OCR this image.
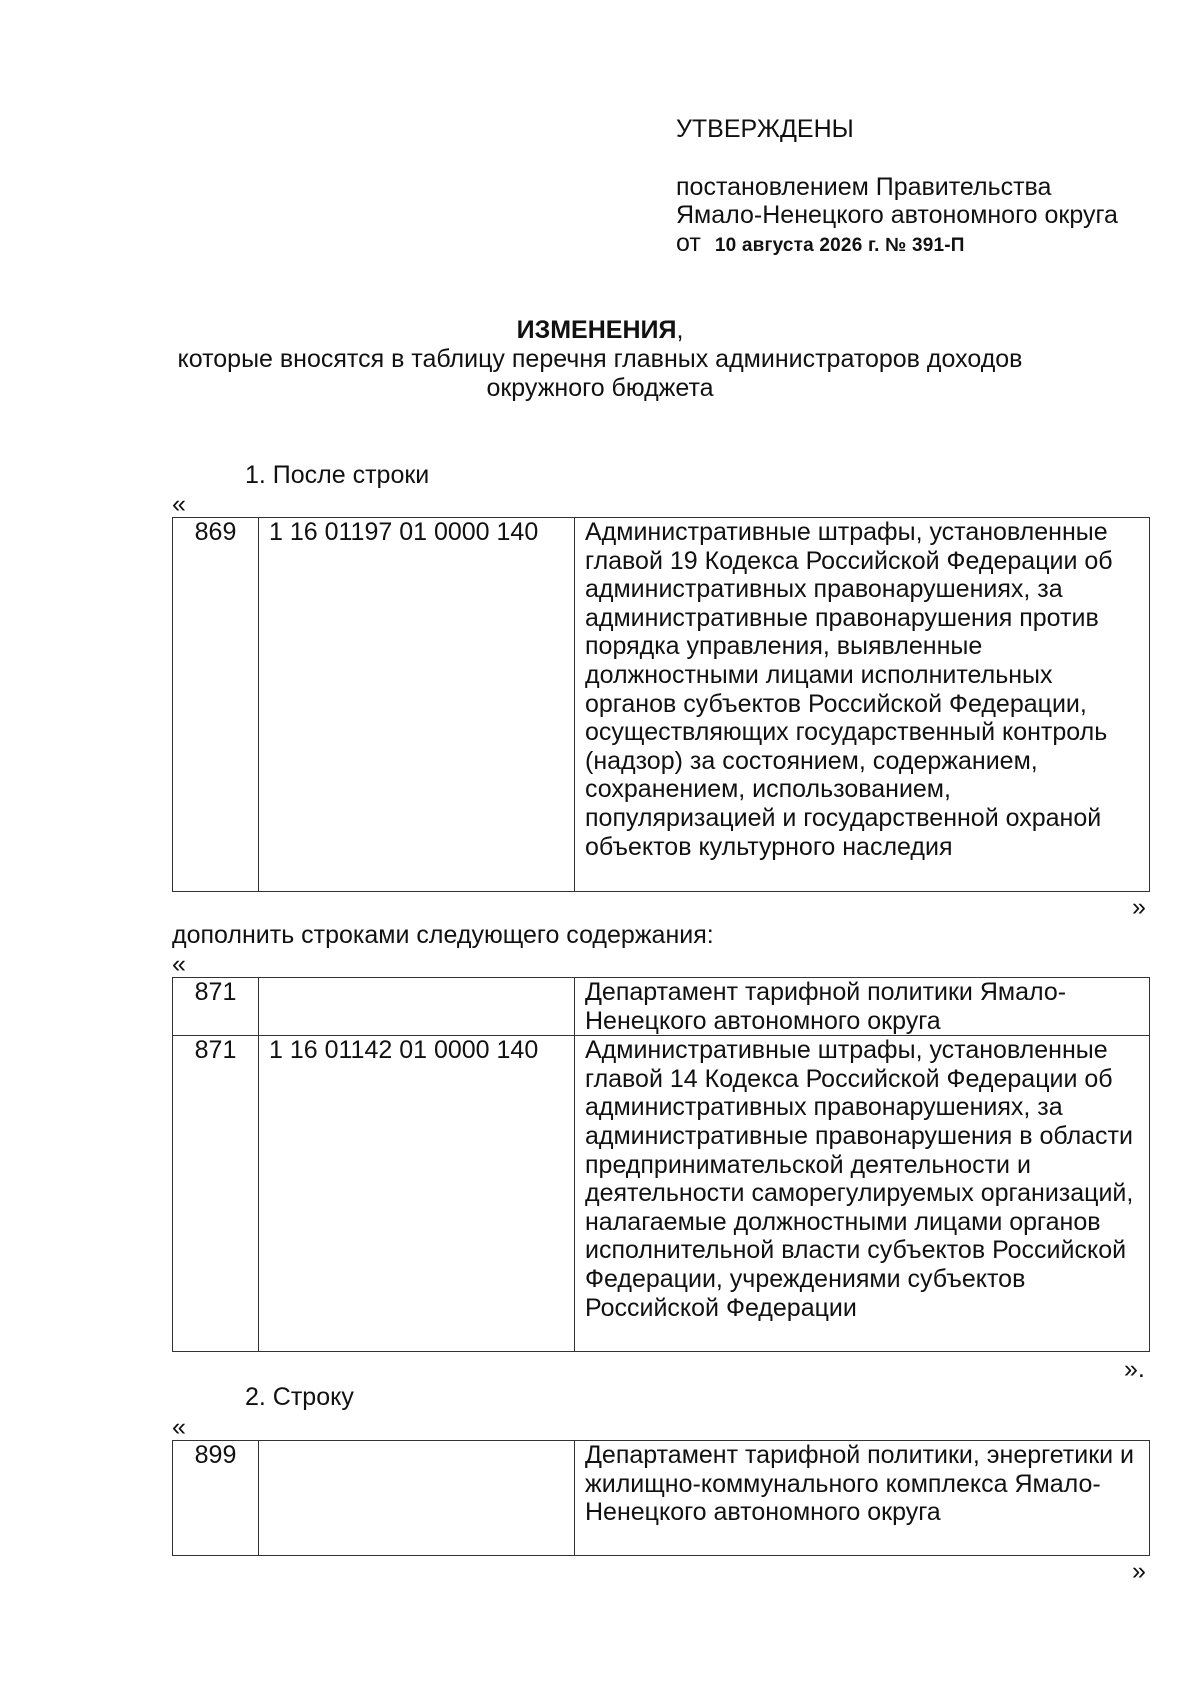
УТВЕРЖДЕНЫ
постановлением Правительства
Ямало-Ненецкого автономного округа
от 10 августа 2026 г. № 391-П
ИЗМЕНЕНИЯ,
которые вносятся в таблицу перечня главных администраторов доходов
окружного бюджета
1. После строки
«
869	1 16 01197 01 0000 140	Административные штрафы, установленные главой 19 Кодекса Российской Федерации об административных правонарушениях, за административные правонарушения против порядка управления, выявленные должностными лицами исполнительных органов субъектов Российской Федерации, осуществляющих государственный контроль (надзор) за состоянием, содержанием, сохранением, использованием, популяризацией и государственной охраной объектов культурного наследия
»
дополнить строками следующего содержания:
«
871		Департамент тарифной политики Ямало-Ненецкого автономного округа
871	1 16 01142 01 0000 140	Административные штрафы, установленные главой 14 Кодекса Российской Федерации об административных правонарушениях, за административные правонарушения в области предпринимательской деятельности и деятельности саморегулируемых организаций, налагаемые должностными лицами органов исполнительной власти субъектов Российской Федерации, учреждениями субъектов Российской Федерации
».
2. Строку
«
899		Департамент тарифной политики, энергетики и жилищно-коммунального комплекса Ямало-Ненецкого автономного округа
»
